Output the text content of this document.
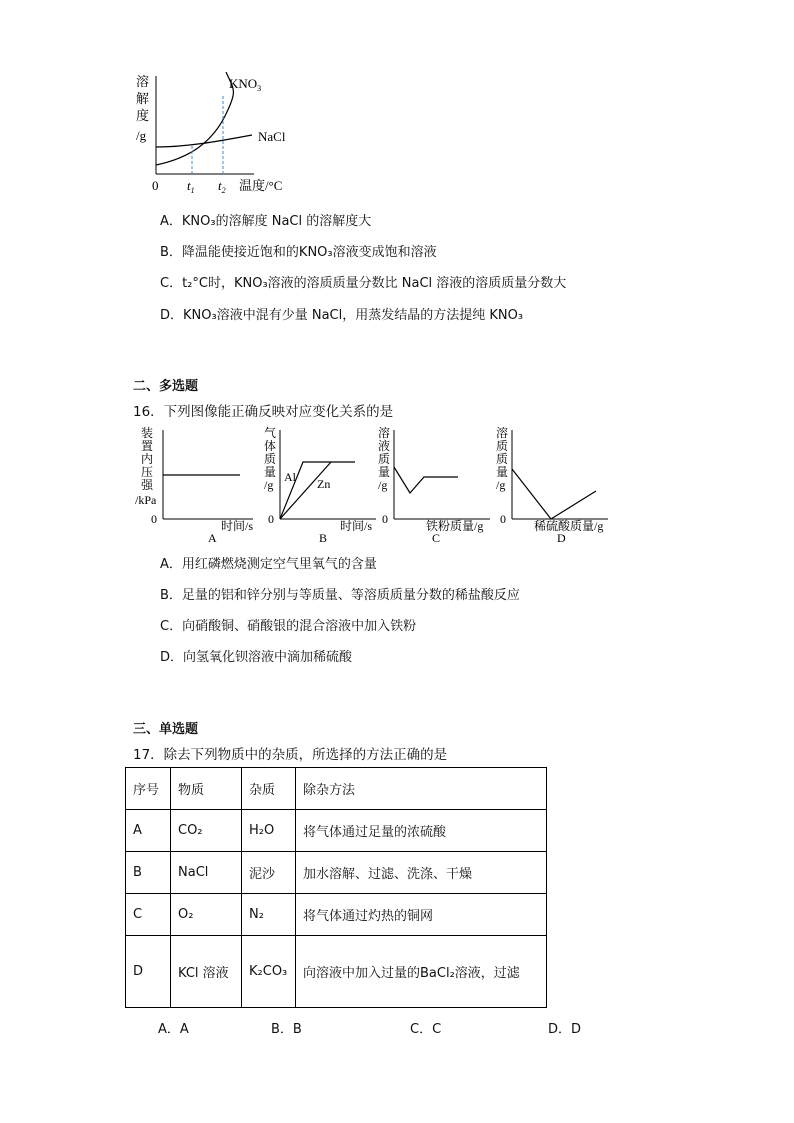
溶
解
度
/g
0 $t_1$ $t_2$ 温度/°C
$KNO_3$
NaCl
A．KNO₃的溶解度 NaCl 的溶解度大
B．降温能使接近饱和的KNO₃溶液变成饱和溶液
C．t₂°C时，KNO₃溶液的溶质质量分数比 NaCl 溶液的溶质质量分数大
D．KNO₃溶液中混有少量 NaCl，用蒸发结晶的方法提纯 KNO₃
二、多选题
16．下列图像能正确反映对应变化关系的是
装
置
内
压
强
/kPa
0	时间/s
A
气
体
质
量
/g
Al Zn
0	时间/s
B
溶
液
质
量
/g
0	铁粉质量/g
C
溶
质
质
量
/g
0 稀硫酸质量/g
D
A．用红磷燃烧测定空气里氧气的含量
B．足量的铝和锌分别与等质量、等溶质质量分数的稀盐酸反应
C．向硝酸铜、硝酸银的混合溶液中加入铁粉
D．向氢氧化钡溶液中滴加稀硫酸
三、单选题
17．除去下列物质中的杂质，所选择的方法正确的是
序号	物质	杂质	除杂方法
A	CO₂	H₂O	将气体通过足量的浓硫酸
B	NaCl	泥沙	加水溶解、过滤、洗涤、干燥
C	O₂	N₂	将气体通过灼热的铜网
D	KCl 溶液	K₂CO₃	向溶液中加入过量的BaCl₂溶液，过滤
A．A	B．B	C．C	D．D
